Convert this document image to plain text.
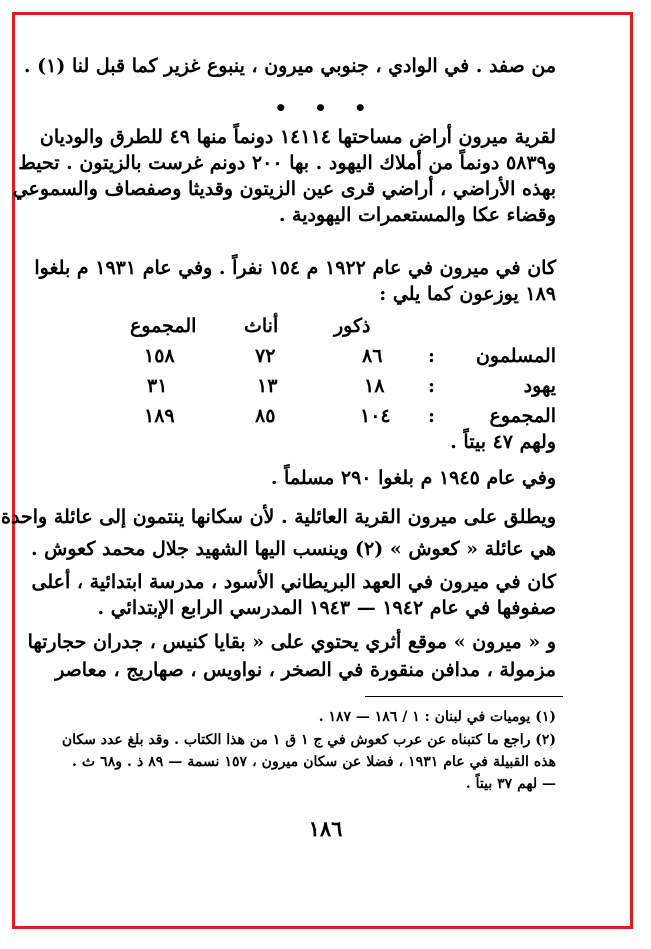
من صفد . في الوادي ، جنوبي ميرون ، ينبوع غزير كما قبل لنا (١) .
• • •
لقرية ميرون أراض مساحتها ١٤١١٤ دونماً منها ٤٩ للطرق والوديان
و٥٨٣٩ دونماً من أملاك اليهود . بها ٢٠٠ دونم غرست بالزيتون . تحيط
بهذه الأراضي ، أراضي قرى عين الزيتون وقديثا وصفصاف والسموعي
وقضاء عكا والمستعمرات اليهودية .
كان في ميرون في عام ١٩٢٢ م ١٥٤ نفراً . وفي عام ١٩٣١ م بلغوا
١٨٩ يوزعون كما يلي :
ذكور
أناث
المجموع
المسلمون
:
٨٦
٧٢
١٥٨
يهود
:
١٨
١٣
٣١
المجموع
:
١٠٤
٨٥
١٨٩
ولهم ٤٧ بيتاً .
وفي عام ١٩٤٥ م بلغوا ٢٩٠ مسلماً .
ويطلق على ميرون القرية العائلية . لأن سكانها ينتمون إلى عائلة واحدة
هي عائلة « كعوش » (٢) وينسب اليها الشهيد جلال محمد كعوش .
كان في ميرون في العهد البريطاني الأسود ، مدرسة ابتدائية ، أعلى
صفوفها في عام ١٩٤٢ — ١٩٤٣ المدرسي الرابع الإبتدائي .
و « ميرون » موقع أثري يحتوي على « بقايا كنيس ، جدران حجارتها
مزمولة ، مدافن منقورة في الصخر ، نواويس ، صهاريج ، معاصر
(١) يوميات في لبنان : ١ / ١٨٦ — ١٨٧ .
(٢) راجع ما كتبناه عن عرب كعوش في ج ١ ق ١ من هذا الكتاب . وقد بلغ عدد سكان
هذه القبيلة في عام ١٩٣١ ، فضلا عن سكان ميرون ، ١٥٧ نسمة — ٨٩ ذ . و٦٨ ث .
— لهم ٣٧ بيتاً .
١٨٦
